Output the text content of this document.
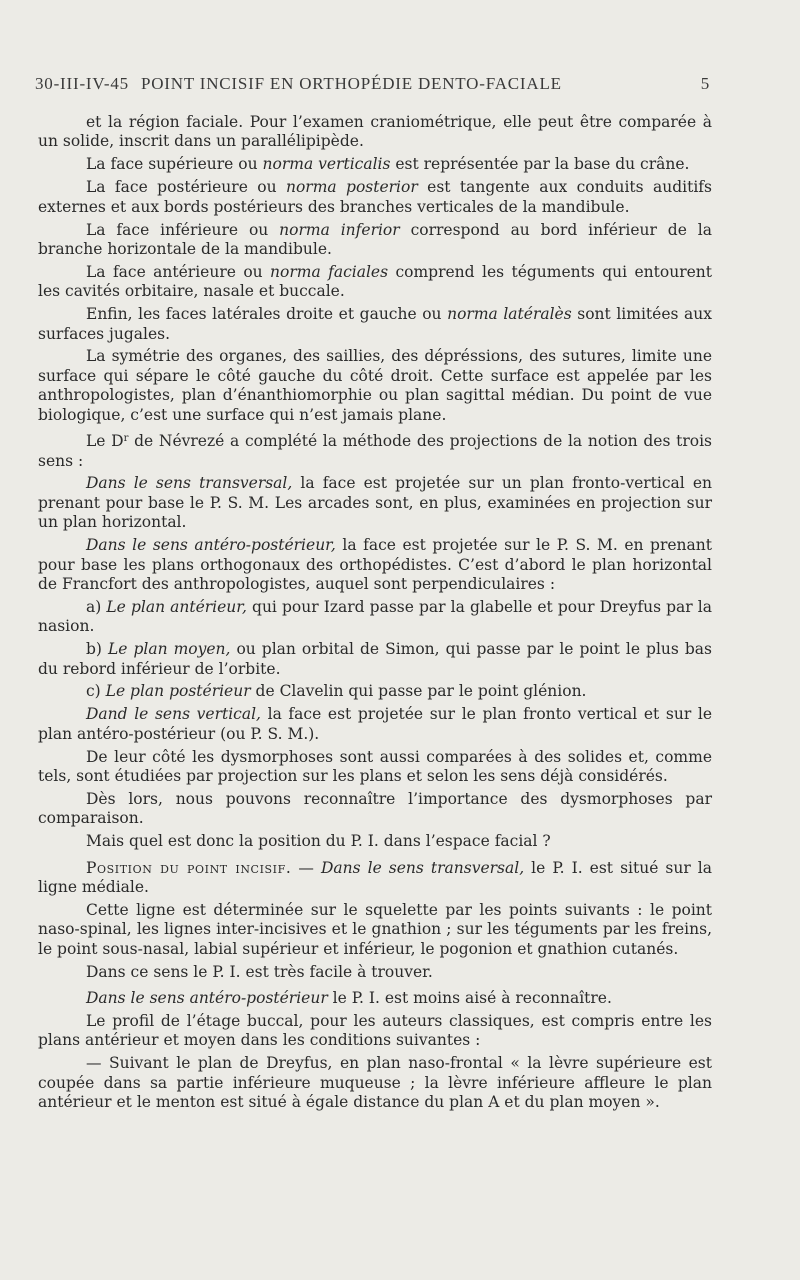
30-III-IV-45 POINT INCISIF EN ORTHOPÉDIE DENTO-FACIALE	5

et la région faciale. Pour l’examen craniométrique, elle peut être comparée à un solide, inscrit dans un parallélipipède.

La face supérieure ou norma verticalis est représentée par la base du crâne.

La face postérieure ou norma posterior est tangente aux conduits auditifs externes et aux bords postérieurs des branches verticales de la mandibule.

La face inférieure ou norma inferior correspond au bord inférieur de la branche horizontale de la mandibule.

La face antérieure ou norma faciales comprend les téguments qui entourent les cavités orbitaire, nasale et buccale.

Enfin, les faces latérales droite et gauche ou norma latéralès sont limitées aux surfaces jugales.

La symétrie des organes, des saillies, des dépréssions, des sutures, limite une surface qui sépare le côté gauche du côté droit. Cette surface est appelée par les anthropologistes, plan d’énanthiomorphie ou plan sagittal médian. Du point de vue biologique, c’est une surface qui n’est jamais plane.

Le $D^r$ de Névrezé a complété la méthode des projections de la notion des trois sens :

Dans le sens transversal, la face est projetée sur un plan fronto-vertical en prenant pour base le P. S. M. Les arcades sont, en plus, examinées en projection sur un plan horizontal.

Dans le sens antéro-postérieur, la face est projetée sur le P. S. M. en prenant pour base les plans orthogonaux des orthopédistes. C’est d’abord le plan horizontal de Francfort des anthropologistes, auquel sont perpendiculaires :

a) Le plan antérieur, qui pour Izard passe par la glabelle et pour Dreyfus par la nasion.

b) Le plan moyen, ou plan orbital de Simon, qui passe par le point le plus bas du rebord inférieur de l’orbite.

c) Le plan postérieur de Clavelin qui passe par le point glénion.

Dand le sens vertical, la face est projetée sur le plan fronto vertical et sur le plan antéro-postérieur (ou P. S. M.).

De leur côté les dysmorphoses sont aussi comparées à des solides et, comme tels, sont étudiées par projection sur les plans et selon les sens déjà considérés.

Dès lors, nous pouvons reconnaître l’importance des dysmorphoses par comparaison.

Mais quel est donc la position du P. I. dans l’espace facial ?

Position du point incisif. — Dans le sens transversal, le P. I. est situé sur la ligne médiale.

Cette ligne est déterminée sur le squelette par les points suivants : le point naso-spinal, les lignes inter-incisives et le gnathion ; sur les téguments par les freins, le point sous-nasal, labial supérieur et inférieur, le pogonion et gnathion cutanés.

Dans ce sens le P. I. est très facile à trouver.

Dans le sens antéro-postérieur le P. I. est moins aisé à reconnaître.

Le profil de l’étage buccal, pour les auteurs classiques, est compris entre les plans antérieur et moyen dans les conditions suivantes :

— Suivant le plan de Dreyfus, en plan naso-frontal « la lèvre supérieure est coupée dans sa partie inférieure muqueuse ; la lèvre inférieure affleure le plan antérieur et le menton est situé à égale distance du plan A et du plan moyen ».
